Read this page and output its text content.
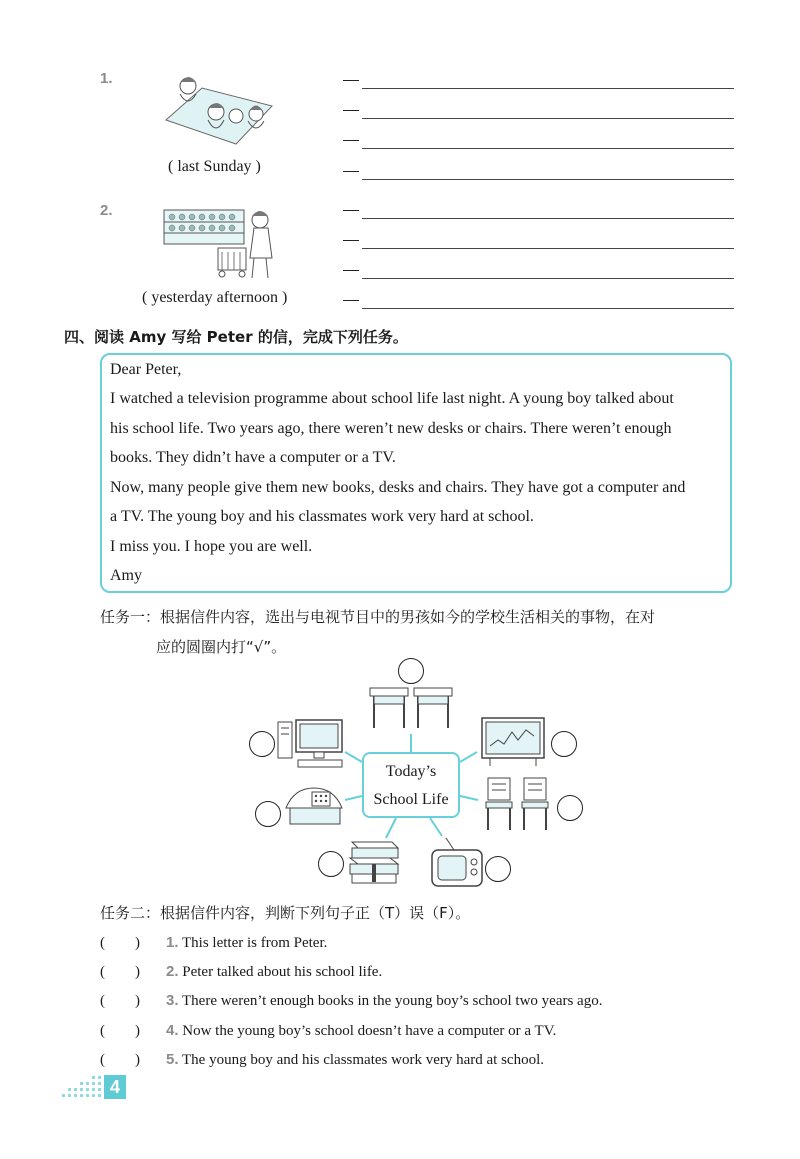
1.
( last Sunday )
2.
( yesterday afternoon )
四、阅读 Amy 写给 Peter 的信，完成下列任务。
Dear Peter,
I watched a television programme about school life last night. A young boy talked about
his school life. Two years ago, there weren’t new desks or chairs. There weren’t enough
books. They didn’t have a computer or a TV.
Now, many people give them new books, desks and chairs. They have got a computer and
a TV. The young boy and his classmates work very hard at school.
I miss you. I hope you are well.
Amy
任务一：根据信件内容，选出与电视节目中的男孩如今的学校生活相关的事物，在对
应的圆圈内打“√”。
Today’s
School Life
任务二：根据信件内容，判断下列句子正（T）误（F）。
(　　) 1. This letter is from Peter.
(　　) 2. Peter talked about his school life.
(　　) 3. There weren’t enough books in the young boy’s school two years ago.
(　　) 4. Now the young boy’s school doesn’t have a computer or a TV.
(　　) 5. The young boy and his classmates work very hard at school.
4
